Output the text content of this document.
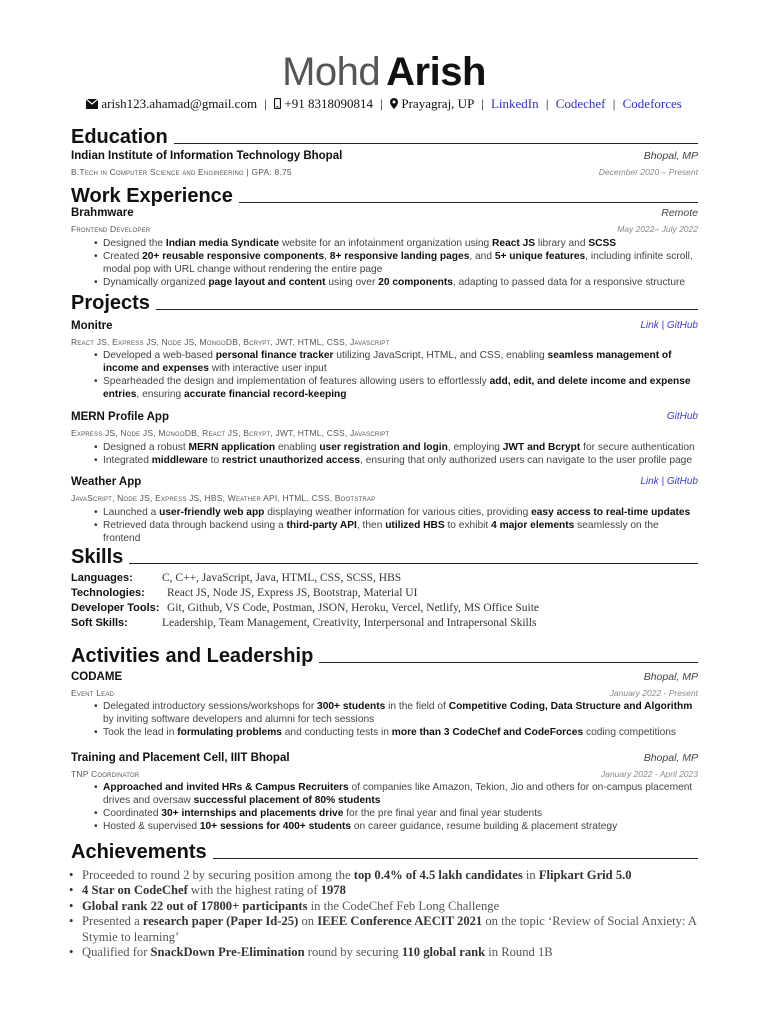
Mohd Arish
arish123.ahamad@gmail.com | +91 8318090814 | Prayagraj, UP | LinkedIn | Codechef | Codeforces
Education
Indian Institute of Information Technology Bhopal	Bhopal, MP
B.Tech in Computer Science and Engineering | GPA: 8.75	December 2020 – Present
Work Experience
Brahmware	Remote
Frontend Developer	May 2022– July 2022
• Designed the Indian media Syndicate website for an infotainment organization using React JS library and SCSS
• Created 20+ reusable responsive components, 8+ responsive landing pages, and 5+ unique features, including infinite scroll, modal pop with URL change without rendering the entire page
• Dynamically organized page layout and content using over 20 components, adapting to passed data for a responsive structure
Projects
Monitre	Link | GitHub
React JS, Express JS, Node JS, MongoDB, Bcrypt, JWT, HTML, CSS, Javascript
• Developed a web-based personal finance tracker utilizing JavaScript, HTML, and CSS, enabling seamless management of income and expenses with interactive user input
• Spearheaded the design and implementation of features allowing users to effortlessly add, edit, and delete income and expense entries, ensuring accurate financial record-keeping
MERN Profile App	GitHub
Express JS, Node JS, MongoDB, React JS, Bcrypt, JWT, HTML, CSS, Javascript
• Designed a robust MERN application enabling user registration and login, employing JWT and Bcrypt for secure authentication
• Integrated middleware to restrict unauthorized access, ensuring that only authorized users can navigate to the user profile page
Weather App	Link | GitHub
JavaScript, Node JS, Express JS, HBS, Weather API, HTML, CSS, Bootstrap
• Launched a user-friendly web app displaying weather information for various cities, providing easy access to real-time updates
• Retrieved data through backend using a third-party API, then utilized HBS to exhibit 4 major elements seamlessly on the frontend
Skills
Languages:	C, C++, JavaScript, Java, HTML, CSS, SCSS, HBS
Technologies:	React JS, Node JS, Express JS, Bootstrap, Material UI
Developer Tools: Git, Github, VS Code, Postman, JSON, Heroku, Vercel, Netlify, MS Office Suite
Soft Skills:	Leadership, Team Management, Creativity, Interpersonal and Intrapersonal Skills
Activities and Leadership
CODAME	Bhopal, MP
Event Lead	January 2022 - Present
• Delegated introductory sessions/workshops for 300+ students in the field of Competitive Coding, Data Structure and Algorithm by inviting software developers and alumni for tech sessions
• Took the lead in formulating problems and conducting tests in more than 3 CodeChef and CodeForces coding competitions
Training and Placement Cell, IIIT Bhopal	Bhopal, MP
TNP Coordinator	January 2022 - April 2023
• Approached and invited HRs & Campus Recruiters of companies like Amazon, Tekion, Jio and others for on-campus placement drives and oversaw successful placement of 80% students
• Coordinated 30+ internships and placements drive for the pre final year and final year students
• Hosted & supervised 10+ sessions for 400+ students on career guidance, resume building & placement strategy
Achievements
• Proceeded to round 2 by securing position among the top 0.4% of 4.5 lakh candidates in Flipkart Grid 5.0
• 4 Star on CodeChef with the highest rating of 1978
• Global rank 22 out of 17800+ participants in the CodeChef Feb Long Challenge
• Presented a research paper (Paper Id-25) on IEEE Conference AECIT 2021 on the topic ‘Review of Social Anxiety: A Stymie to learning’
• Qualified for SnackDown Pre-Elimination round by securing 110 global rank in Round 1B
